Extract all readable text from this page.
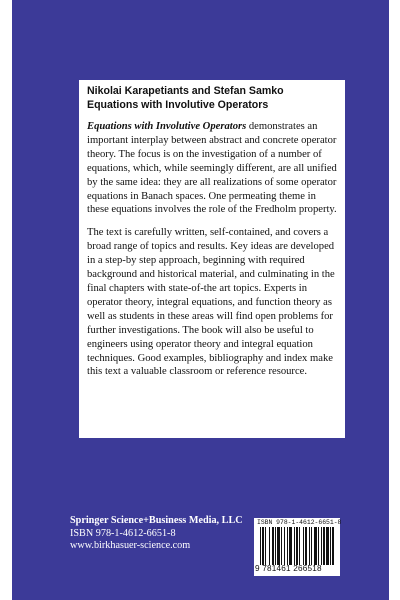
Nikolai Karapetiants and Stefan Samko
Equations with Involutive Operators

Equations with Involutive Operators demonstrates an important interplay between abstract and concrete operator theory. The focus is on the investigation of a number of equations, which, while seemingly different, are all unified by the same idea: they are all realizations of some operator equations in Banach spaces. One permeating theme in these equations involves the role of the Fredholm property.

The text is carefully written, self-contained, and covers a broad range of topics and results. Key ideas are developed in a step-by step approach, beginning with required background and historical material, and culminating in the final chapters with state-of-the art topics. Experts in operator theory, integral equations, and function theory as well as students in these areas will find open problems for further investigations. The book will also be useful to engineers using operator theory and integral equation techniques. Good examples, bibliography and index make this text a valuable classroom or reference resource.

Springer Science+Business Media, LLC
ISBN 978-1-4612-6651-8
www.birkhasuer-science.com
ISBN 978-1-4612-6651-8
9 781461 266518
